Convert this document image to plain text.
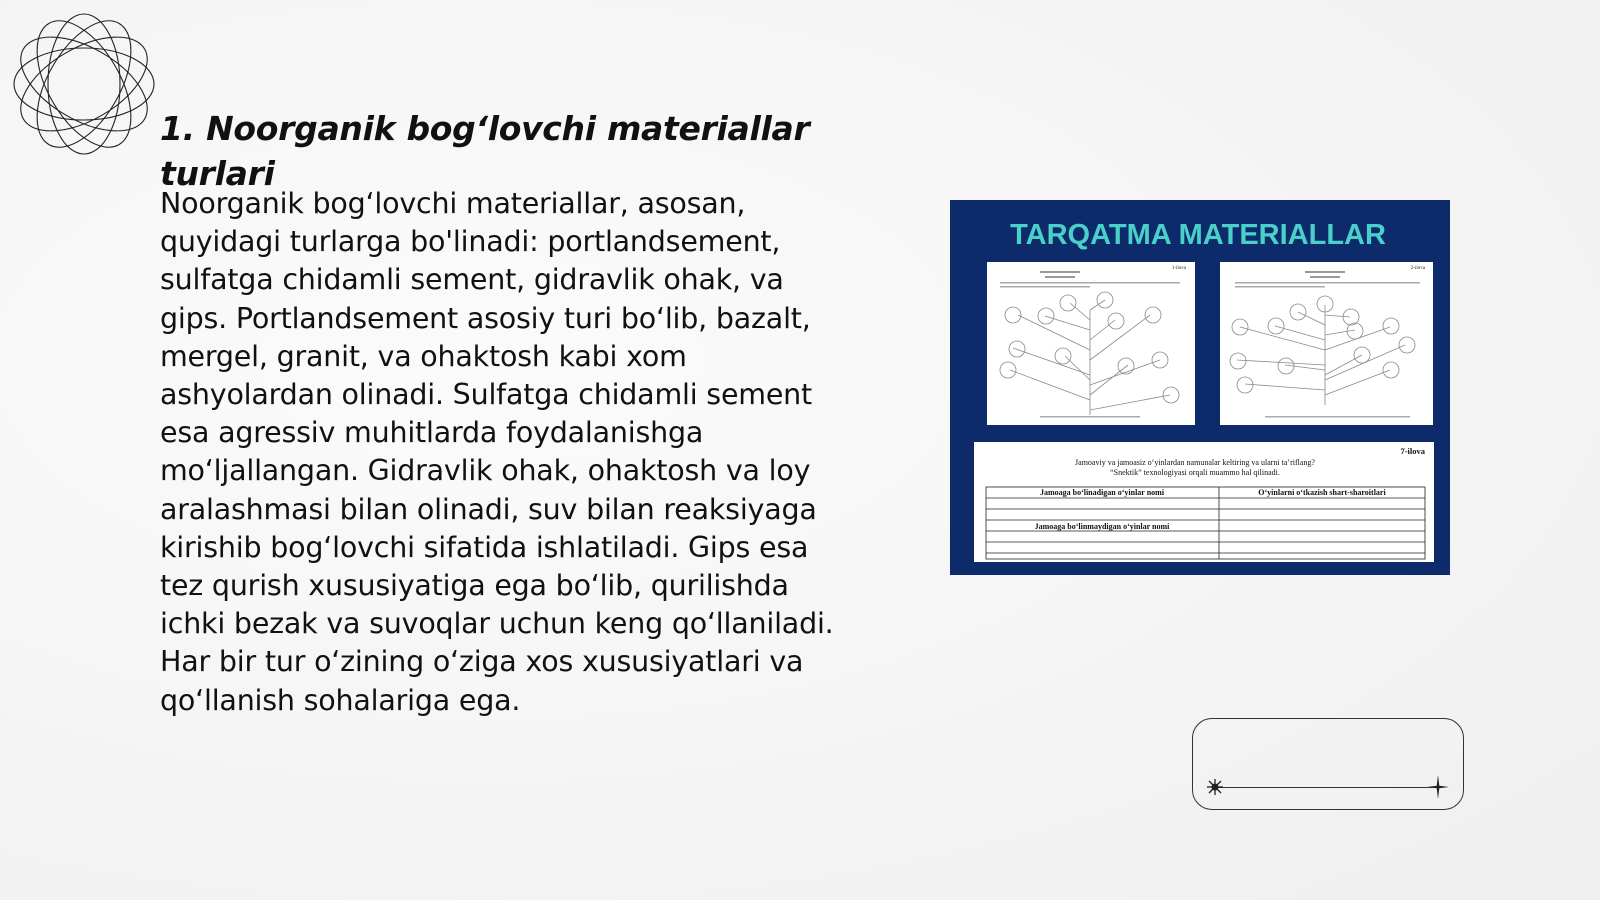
1. Noorganik bog‘lovchi materiallar turlari

Noorganik bog‘lovchi materiallar, asosan, quyidagi turlarga bo'linadi: portlandsement, sulfatga chidamli sement, gidravlik ohak, va gips. Portlandsement asosiy turi bo‘lib, bazalt, mergel, granit, va ohaktosh kabi xom ashyolardan olinadi. Sulfatga chidamli sement esa agressiv muhitlarda foydalanishga mo‘ljallangan. Gidravlik ohak, ohaktosh va loy aralashmasi bilan olinadi, suv bilan reaksiyaga kirishib bog‘lovchi sifatida ishlatiladi. Gips esa tez qurish xususiyatiga ega bo‘lib, qurilishda ichki bezak va suvoqlar uchun keng qo‘llaniladi. Har bir tur o‘zining o‘ziga xos xususiyatlari va qo‘llanish sohalariga ega.

TARQATMA MATERIALLAR
1-ilova	2-ilova
7-ilova
Jamoaviy va jamoasiz o‘yinlardan namunalar keltiring va ularni ta’riflang?
“Snektik” texnologiyasi orqali muammo hal qilinadi.
Jamoaga bo‘linadigan o‘yinlar nomi	O‘yinlarni o‘tkazish shart-sharoitlari
Jamoaga bo‘linmaydigan o‘yinlar nomi
